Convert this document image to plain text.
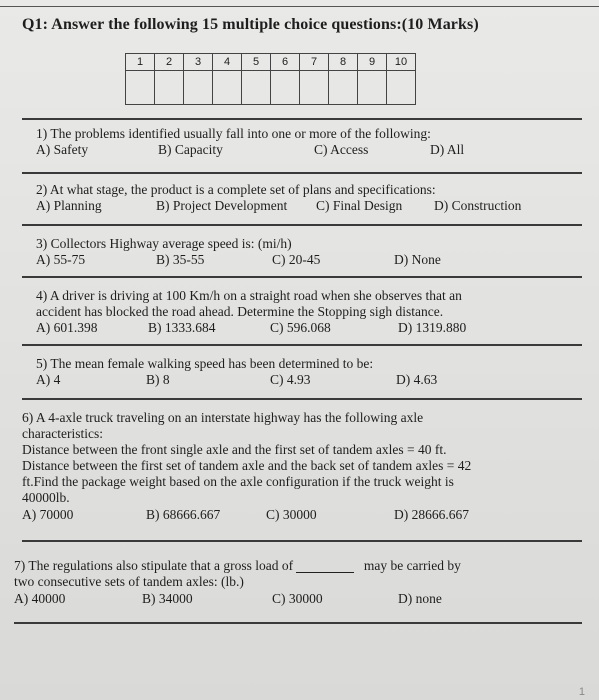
Q1: Answer the following 15 multiple choice questions:(10 Marks)
1	2	3	4	5	6	7	8	9	10

1) The problems identified usually fall into one or more of the following:
A) Safety	B) Capacity	C) Access	D) All
2) At what stage, the product is a complete set of plans and specifications:
A) Planning	B) Project Development C) Final Design D) Construction
3) Collectors Highway average speed is: (mi/h)
A) 55-75	B) 35-55	C) 20-45	D) None
4) A driver is driving at 100 Km/h on a straight road when she observes that an
accident has blocked the road ahead. Determine the Stopping sigh distance.
A) 601.398	B) 1333.684	C) 596.068	D) 1319.880
5) The mean female walking speed has been determined to be:
A) 4	B) 8	C) 4.93	D) 4.63
6) A 4-axle truck traveling on an interstate highway has the following axle
characteristics:
Distance between the front single axle and the first set of tandem axles = 40 ft.
Distance between the first set of tandem axle and the back set of tandem axles = 42
ft.Find the package weight based on the axle configuration if the truck weight is
40000lb.
A) 70000	B) 68666.667	C) 30000	D) 28666.667
7) The regulations also stipulate that a gross load of	may be carried by
two consecutive sets of tandem axles: (lb.)
A) 40000	B) 34000	C) 30000	D) none
1
